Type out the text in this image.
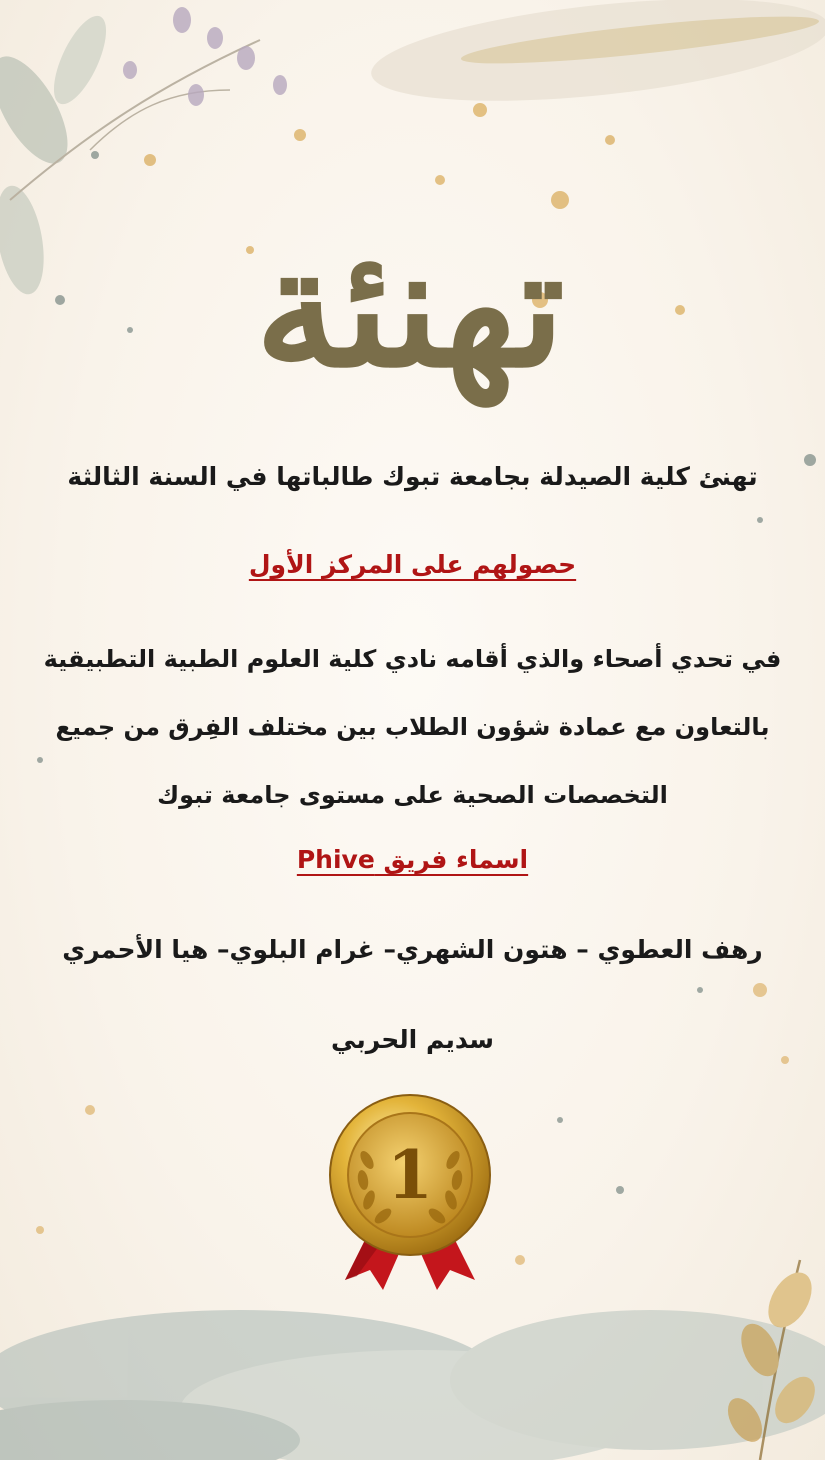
تهنئة
تهنئ كلية الصيدلة بجامعة تبوك طالباتها في السنة الثالثة
حصولهم على المركز الأول
في تحدي أصحاء والذي أقامه نادي كلية العلوم الطبية التطبيقية بالتعاون مع عمادة شؤون الطلاب بين مختلف الفِرق من جميع التخصصات الصحية على مستوى جامعة تبوك
اسماء فريق Phive
رهف العطوي – هتون الشهري– غرام البلوي– هيا الأحمري
سديم الحربي
1
